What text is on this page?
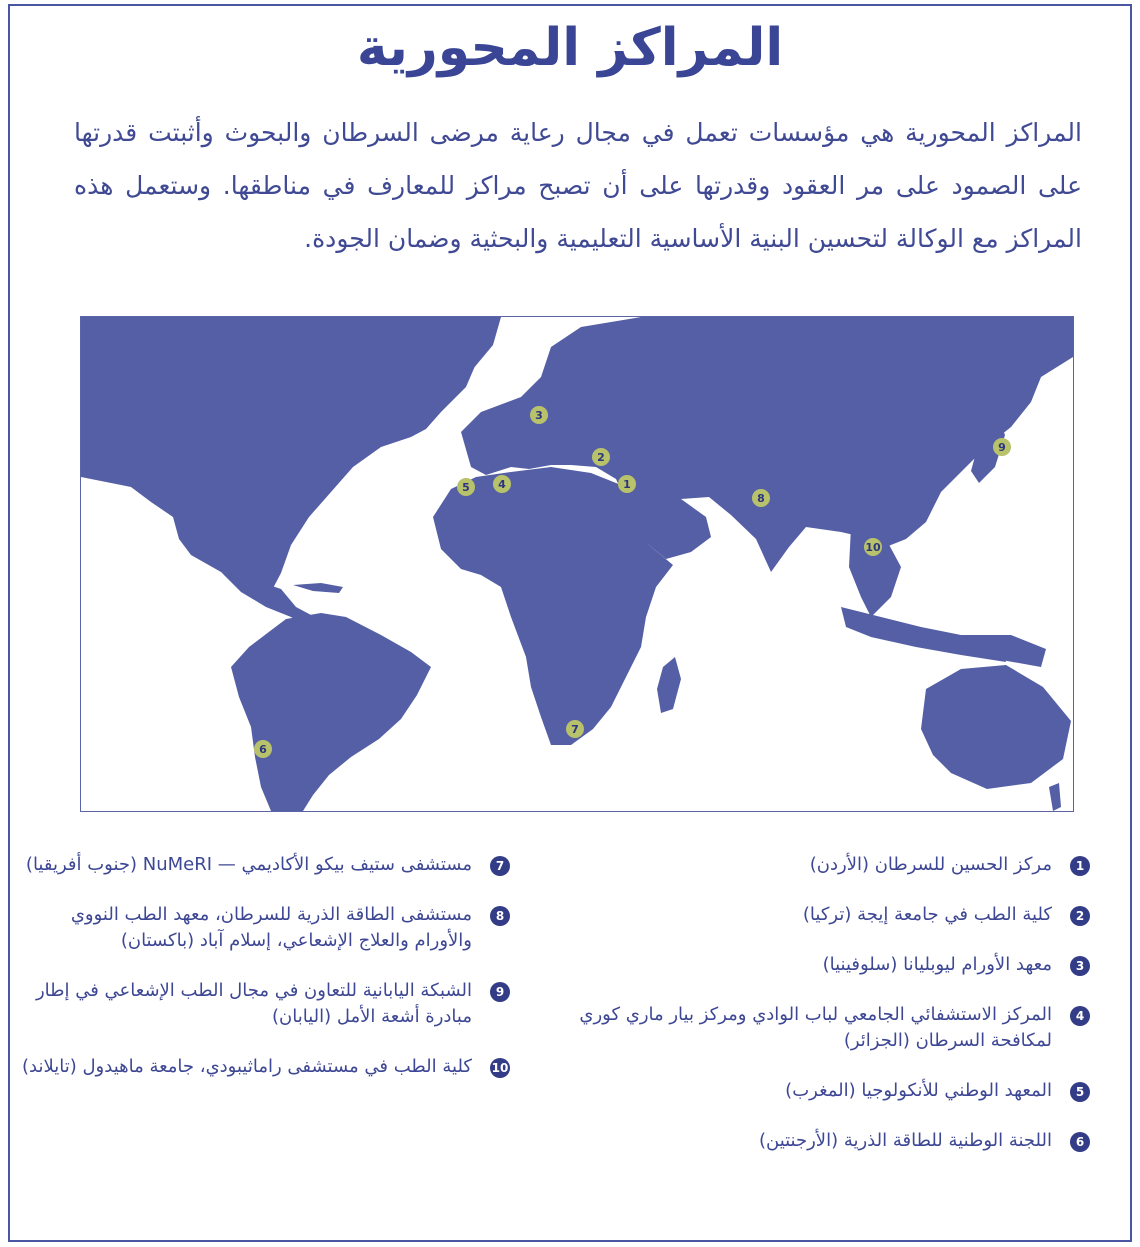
المراكز المحورية

المراكز المحورية هي مؤسسات تعمل في مجال رعاية مرضى السرطان والبحوث وأثبتت قدرتها على الصمود على مر العقود وقدرتها على أن تصبح مراكز للمعارف في مناطقها. وستعمل هذه المراكز مع الوكالة لتحسين البنية الأساسية التعليمية والبحثية وضمان الجودة.

1
2
3
4
5
6
7
8
9
10
1
مركز الحسين للسرطان (الأردن)
2
كلية الطب في جامعة إيجة (تركيا)
3
معهد الأورام ليوبليانا (سلوفينيا)
4
المركز الاستشفائي الجامعي لباب الوادي ومركز بيار ماري كوري لمكافحة السرطان (الجزائر)
5
المعهد الوطني للأنكولوجيا (المغرب)
6
اللجنة الوطنية للطاقة الذرية (الأرجنتين)
7
مستشفى ستيف بيكو الأكاديمي — NuMeRI (جنوب أفريقيا)
8
مستشفى الطاقة الذرية للسرطان، معهد الطب النووي والأورام والعلاج الإشعاعي، إسلام آباد (باكستان)
9
الشبكة اليابانية للتعاون في مجال الطب الإشعاعي في إطار مبادرة أشعة الأمل (اليابان)
10
كلية الطب في مستشفى راماثيبودي، جامعة ماهيدول (تايلاند)
